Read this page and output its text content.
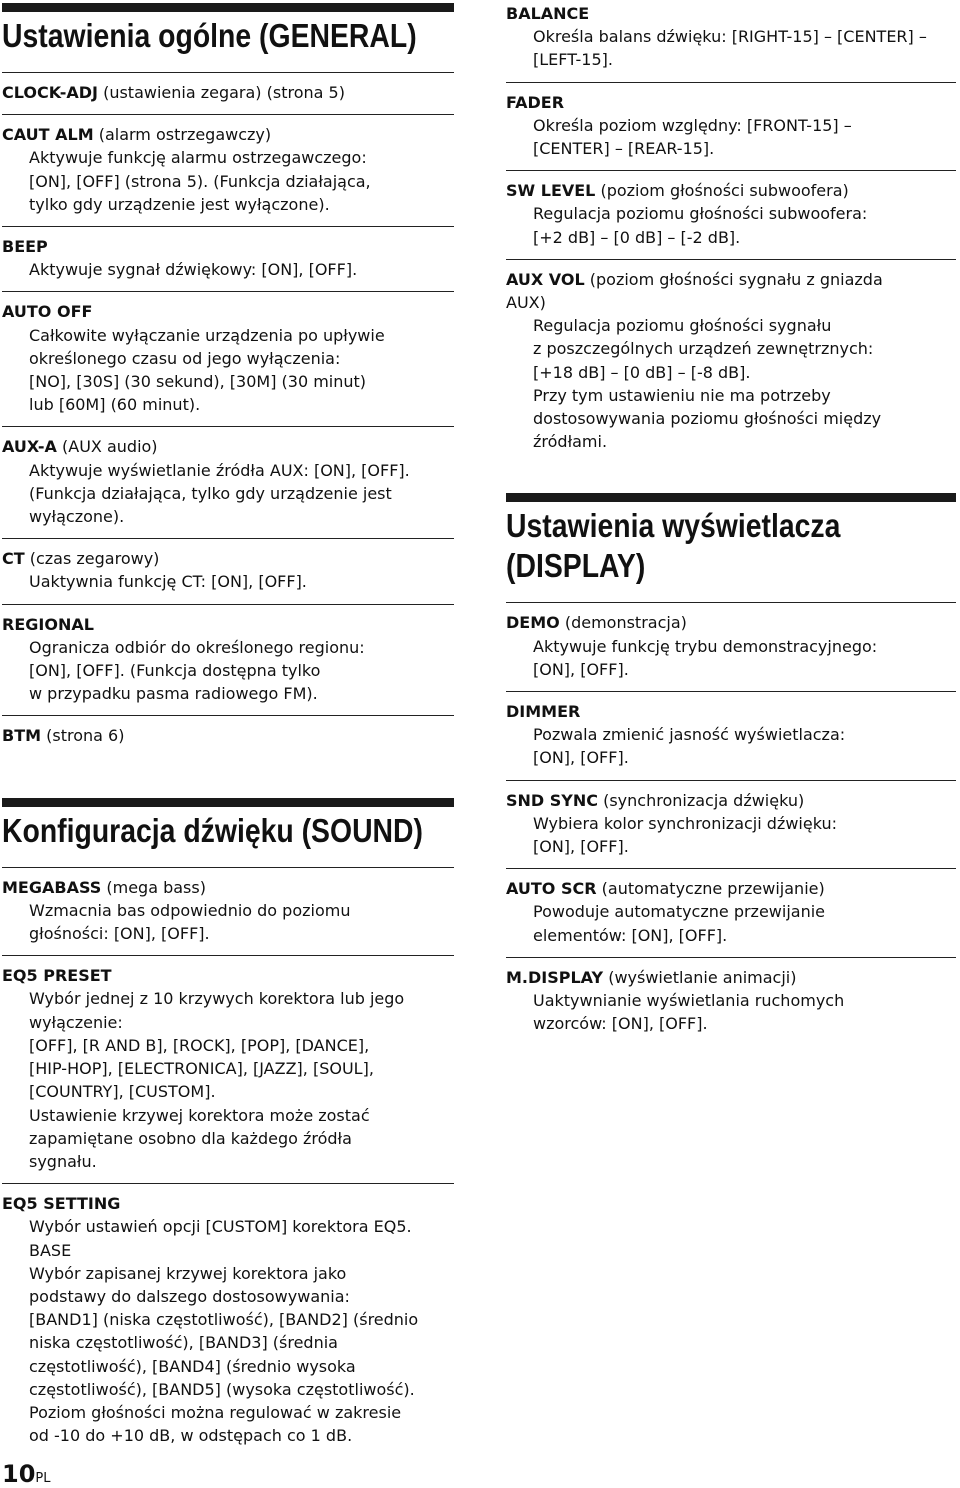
Ustawienia ogólne (GENERAL)
CLOCK-ADJ (ustawienia zegara) (strona 5)
CAUT ALM (alarm ostrzegawczy)
Aktywuje funkcję alarmu ostrzegawczego:
[ON], [OFF] (strona 5). (Funkcja działająca,
tylko gdy urządzenie jest wyłączone).
BEEP
Aktywuje sygnał dźwiękowy: [ON], [OFF].
AUTO OFF
Całkowite wyłączanie urządzenia po upływie
określonego czasu od jego wyłączenia:
[NO], [30S] (30 sekund), [30M] (30 minut)
lub [60M] (60 minut).
AUX-A (AUX audio)
Aktywuje wyświetlanie źródła AUX: [ON], [OFF].
(Funkcja działająca, tylko gdy urządzenie jest
wyłączone).
CT (czas zegarowy)
Uaktywnia funkcję CT: [ON], [OFF].
REGIONAL
Ogranicza odbiór do określonego regionu:
[ON], [OFF]. (Funkcja dostępna tylko
w przypadku pasma radiowego FM).
BTM (strona 6)
Konfiguracja dźwięku (SOUND)
MEGABASS (mega bass)
Wzmacnia bas odpowiednio do poziomu
głośności: [ON], [OFF].
EQ5 PRESET
Wybór jednej z 10 krzywych korektora lub jego
wyłączenie:
[OFF], [R AND B], [ROCK], [POP], [DANCE],
[HIP-HOP], [ELECTRONICA], [JAZZ], [SOUL],
[COUNTRY], [CUSTOM].
Ustawienie krzywej korektora może zostać
zapamiętane osobno dla każdego źródła
sygnału.
EQ5 SETTING
Wybór ustawień opcji [CUSTOM] korektora EQ5.
BASE
Wybór zapisanej krzywej korektora jako
podstawy do dalszego dostosowywania:
[BAND1] (niska częstotliwość), [BAND2] (średnio
niska częstotliwość), [BAND3] (średnia
częstotliwość), [BAND4] (średnio wysoka
częstotliwość), [BAND5] (wysoka częstotliwość).
Poziom głośności można regulować w zakresie
od -10 do +10 dB, w odstępach co 1 dB.
BALANCE
Określa balans dźwięku: [RIGHT-15] – [CENTER] –
[LEFT-15].
FADER
Określa poziom względny: [FRONT-15] –
[CENTER] – [REAR-15].
SW LEVEL (poziom głośności subwoofera)
Regulacja poziomu głośności subwoofera:
[+2 dB] – [0 dB] – [-2 dB].
AUX VOL (poziom głośności sygnału z gniazda
AUX)
Regulacja poziomu głośności sygnału
z poszczególnych urządzeń zewnętrznych:
[+18 dB] – [0 dB] – [-8 dB].
Przy tym ustawieniu nie ma potrzeby
dostosowywania poziomu głośności między
źródłami.
Ustawienia wyświetlacza (DISPLAY)
DEMO (demonstracja)
Aktywuje funkcję trybu demonstracyjnego:
[ON], [OFF].
DIMMER
Pozwala zmienić jasność wyświetlacza:
[ON], [OFF].
SND SYNC (synchronizacja dźwięku)
Wybiera kolor synchronizacji dźwięku:
[ON], [OFF].
AUTO SCR (automatyczne przewijanie)
Powoduje automatyczne przewijanie
elementów: [ON], [OFF].
M.DISPLAY (wyświetlanie animacji)
Uaktywnianie wyświetlania ruchomych
wzorców: [ON], [OFF].
10PL
